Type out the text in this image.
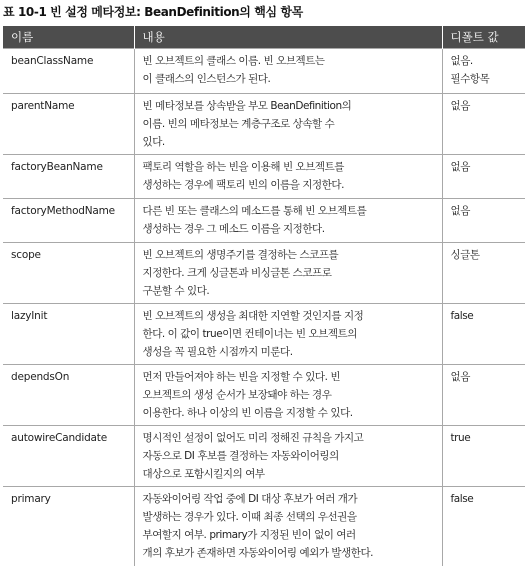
표 10-1 빈 설정 메타정보: BeanDefinition의 핵심 항목
이름	내용	디폴트 값
beanClassName	빈 오브젝트의 클래스 이름. 빈 오브젝트는
이 클래스의 인스턴스가 된다.	없음.
필수항목

parentName	빈 메타정보를 상속받을 부모 BeanDefinition의
이름. 빈의 메타정보는 계층구조로 상속할 수
있다.	없음

factoryBeanName	팩토리 역할을 하는 빈을 이용해 빈 오브젝트를
생성하는 경우에 팩토리 빈의 이름을 지정한다.	없음

factoryMethodName	다른 빈 또는 클래스의 메소드를 통해 빈 오브젝트를
생성하는 경우 그 메소드 이름을 지정한다.	없음

scope	빈 오브젝트의 생명주기를 결정하는 스코프를
지정한다. 크게 싱글톤과 비싱글톤 스코프로
구분할 수 있다.	싱글톤

lazyInit	빈 오브젝트의 생성을 최대한 지연할 것인지를 지정
한다. 이 값이 true이면 컨테이너는 빈 오브젝트의
생성을 꼭 필요한 시점까지 미룬다.	false

dependsOn	먼저 만들어져야 하는 빈을 지정할 수 있다. 빈
오브젝트의 생성 순서가 보장돼야 하는 경우
이용한다. 하나 이상의 빈 이름을 지정할 수 있다.	없음

autowireCandidate	명시적인 설정이 없어도 미리 정해진 규칙을 가지고
자동으로 DI 후보를 결정하는 자동와이어링의
대상으로 포함시킬지의 여부	true

primary	자동와이어링 작업 중에 DI 대상 후보가 여러 개가
발생하는 경우가 있다. 이때 최종 선택의 우선권을
부여할지 여부. primary가 지정된 빈이 없이 여러
개의 후보가 존재하면 자동와이어링 예외가 발생한다.	false
